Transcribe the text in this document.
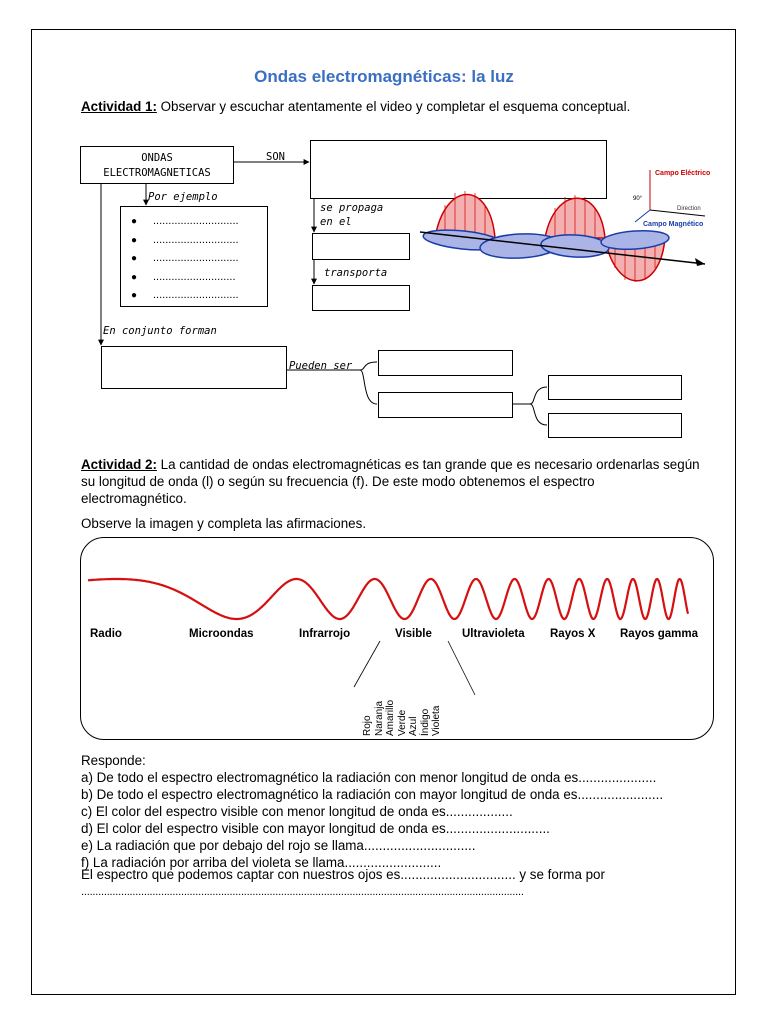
Ondas electromagnéticas: la luz
Actividad 1: Observar y escuchar atentamente el video y completar el esquema conceptual.
ONDAS
ELECTROMAGNETICAS
SON
Por ejemplo
● ............................
● ............................
● ............................
● ...........................
● ............................
se propaga
en el
transporta
En conjunto forman
Pueden ser
Campo Eléctrico
Direction
Campo Magnético
90°
Actividad 2: La cantidad de ondas electromagnéticas es tan grande que es necesario ordenarlas según su longitud de onda (l) o según su frecuencia (f). De este modo obtenemos el espectro electromagnético.
Observe la imagen y completa las afirmaciones.
Radio	Microondas	Infrarrojo	Visible	Ultravioleta Rayos X Rayos gamma
Rojo Naranja Amarillo Verde Azul Índigo Violeta
Responde:
a) De todo el espectro electromagnético la radiación con menor longitud de onda es.....................
b) De todo el espectro electromagnético la radiación con mayor longitud de onda es.......................
c) El color del espectro visible con menor longitud de onda es..................
d) El color del espectro visible con mayor longitud de onda es............................
e) La radiación que por debajo del rojo se llama..............................
f) La radiación por arriba del violeta se llama..........................
El espectro que podemos captar con nuestros ojos es............................... y se forma por
...........................................................................................................................................................
